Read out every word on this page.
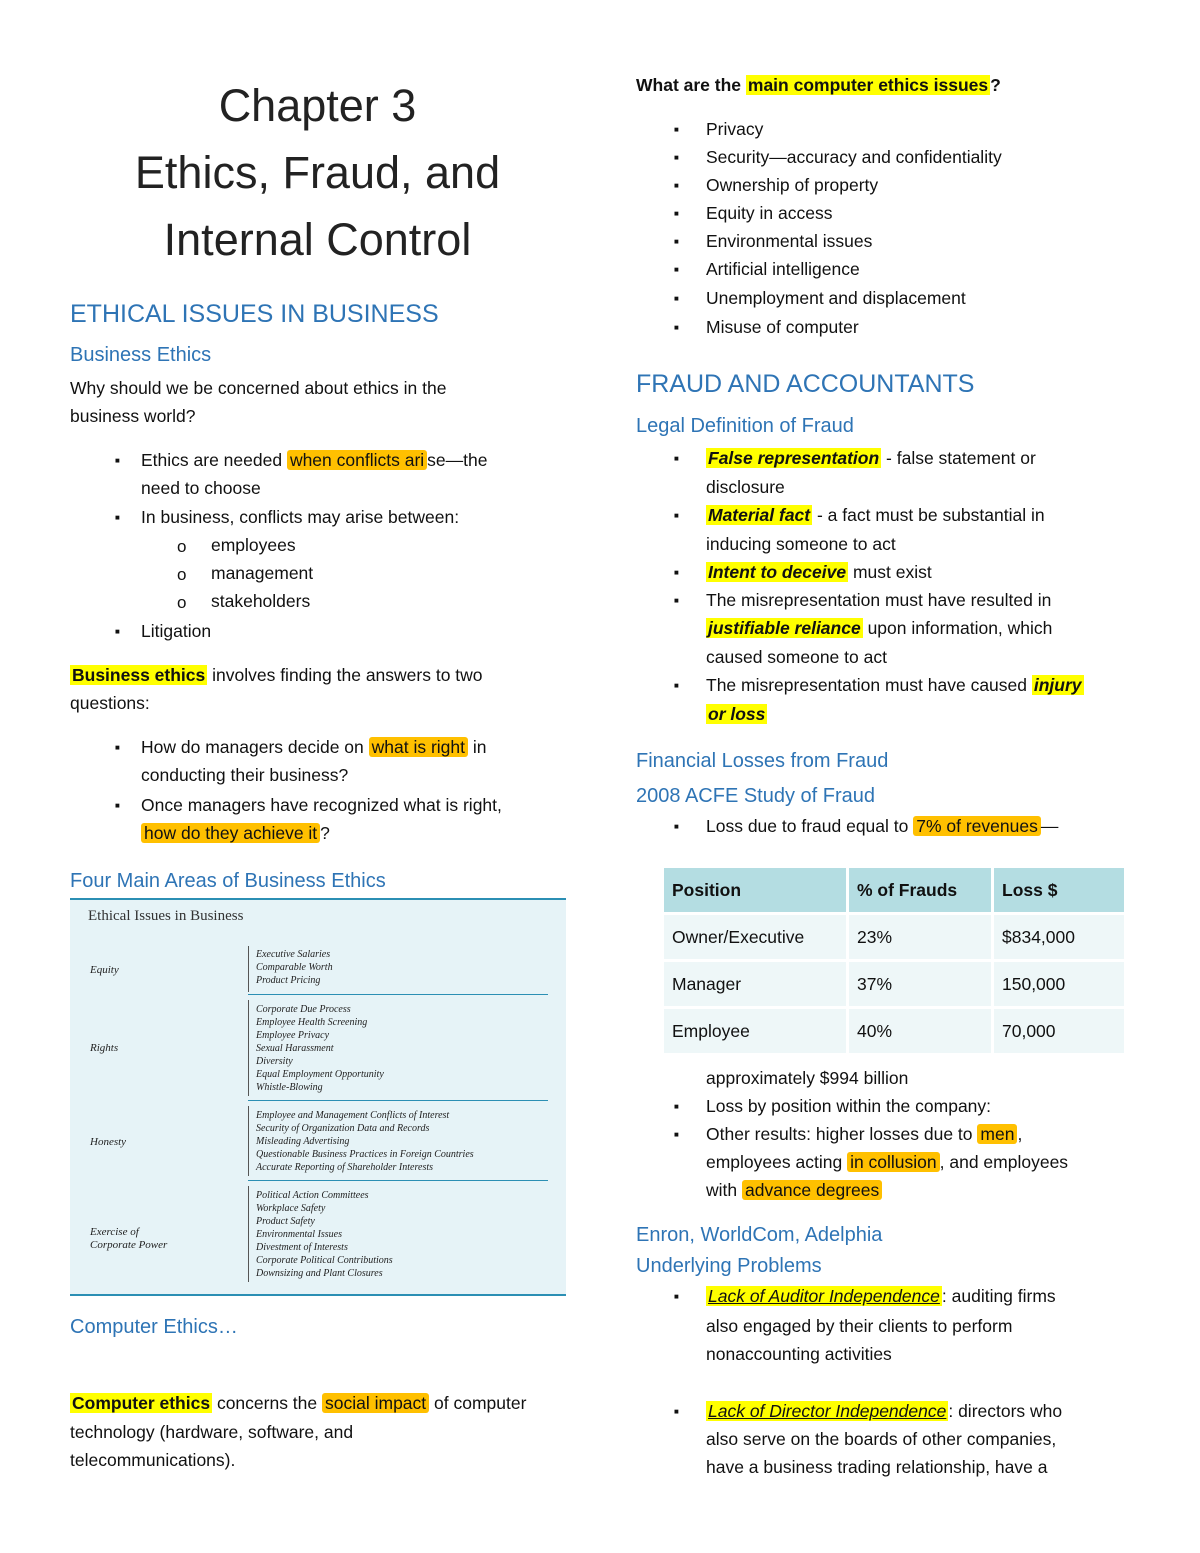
Chapter 3
Ethics, Fraud, and
Internal Control
ETHICAL ISSUES IN BUSINESS
Business Ethics
Why should we be concerned about ethics in the
business world?
■ Ethics are needed when conflicts ari se—the
need to choose
■ In business, conflicts may arise between:
o employees
o management
o stakeholders
■ Litigation
Business ethics involves finding the answers to two
questions:
■ How do managers decide on what is right in
conducting their business?
■ Once managers have recognized what is right,
how do they achieve it ?
Four Main Areas of Business Ethics
Ethical Issues in Business
Equity
Executive Salaries
Comparable Worth
Product Pricing
Rights
Corporate Due Process
Employee Health Screening
Employee Privacy
Sexual Harassment
Diversity
Equal Employment Opportunity
Whistle-Blowing
Honesty
Employee and Management Conflicts of Interest
Security of Organization Data and Records
Misleading Advertising
Questionable Business Practices in Foreign Countries
Accurate Reporting of Shareholder Interests
Exercise of Corporate Power
Political Action Committees
Workplace Safety
Product Safety
Environmental Issues
Divestment of Interests
Corporate Political Contributions
Downsizing and Plant Closures
Computer Ethics…
Computer ethics concerns the social impact of computer
technology (hardware, software, and
telecommunications).
What are the main computer ethics issues ?
■ Privacy
■ Security—accuracy and confidentiality
■ Ownership of property
■ Equity in access
■ Environmental issues
■ Artificial intelligence
■ Unemployment and displacement
■ Misuse of computer
FRAUD AND ACCOUNTANTS
Legal Definition of Fraud
■ False representation - false statement or
disclosure
■ Material fact - a fact must be substantial in
inducing someone to act
■ Intent to deceive must exist
■ The misrepresentation must have resulted in
justifiable reliance upon information, which
caused someone to act
■ The misrepresentation must have caused injury
or loss
Financial Losses from Fraud
2008 ACFE Study of Fraud
■ Loss due to fraud equal to 7% of revenues —
Position	% of Frauds	Loss $
Owner/Executive	23%	$834,000
Manager	37%	150,000
Employee	40%	70,000
approximately $994 billion
■ Loss by position within the company:
■ Other results: higher losses due to men ,
employees acting in collusion , and employees
with advance degrees
Enron, WorldCom, Adelphia
Underlying Problems
■ Lack of Auditor Independence : auditing firms
also engaged by their clients to perform
nonaccounting activities
■ Lack of Director Independence : directors who
also serve on the boards of other companies,
have a business trading relationship, have a
